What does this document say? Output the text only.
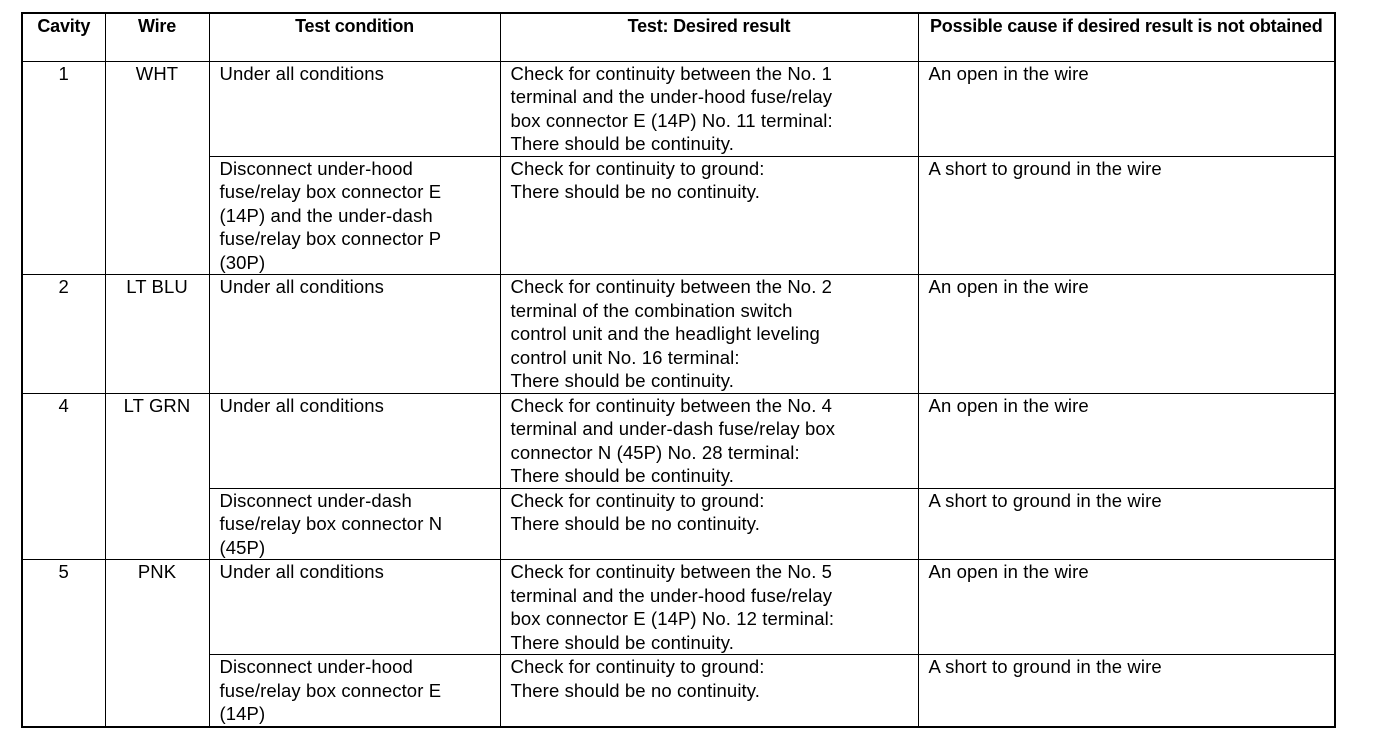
Cavity	Wire	Test condition	Test: Desired result	Possible cause if desired result is not obtained
1	WHT	Under all conditions	Check for continuity between the No. 1
terminal and the under-hood fuse/relay
box connector E (14P) No. 11 terminal:
There should be continuity.	An open in the wire

		Disconnect under-hood
fuse/relay box connector E
(14P) and the under-dash
fuse/relay box connector P
(30P)	Check for continuity to ground:
There should be no continuity.	A short to ground in the wire
2	LT BLU	Under all conditions	Check for continuity between the No. 2
terminal of the combination switch
control unit and the headlight leveling
control unit No. 16 terminal:
There should be continuity.	An open in the wire
4	LT GRN	Under all conditions	Check for continuity between the No. 4
terminal and under-dash fuse/relay box
connector N (45P) No. 28 terminal:
There should be continuity.	An open in the wire

		Disconnect under-dash
fuse/relay box connector N
(45P)	Check for continuity to ground:
There should be no continuity.	A short to ground in the wire
5	PNK	Under all conditions	Check for continuity between the No. 5
terminal and the under-hood fuse/relay
box connector E (14P) No. 12 terminal:
There should be continuity.	An open in the wire

		Disconnect under-hood
fuse/relay box connector E
(14P)	Check for continuity to ground:
There should be no continuity.	A short to ground in the wire
